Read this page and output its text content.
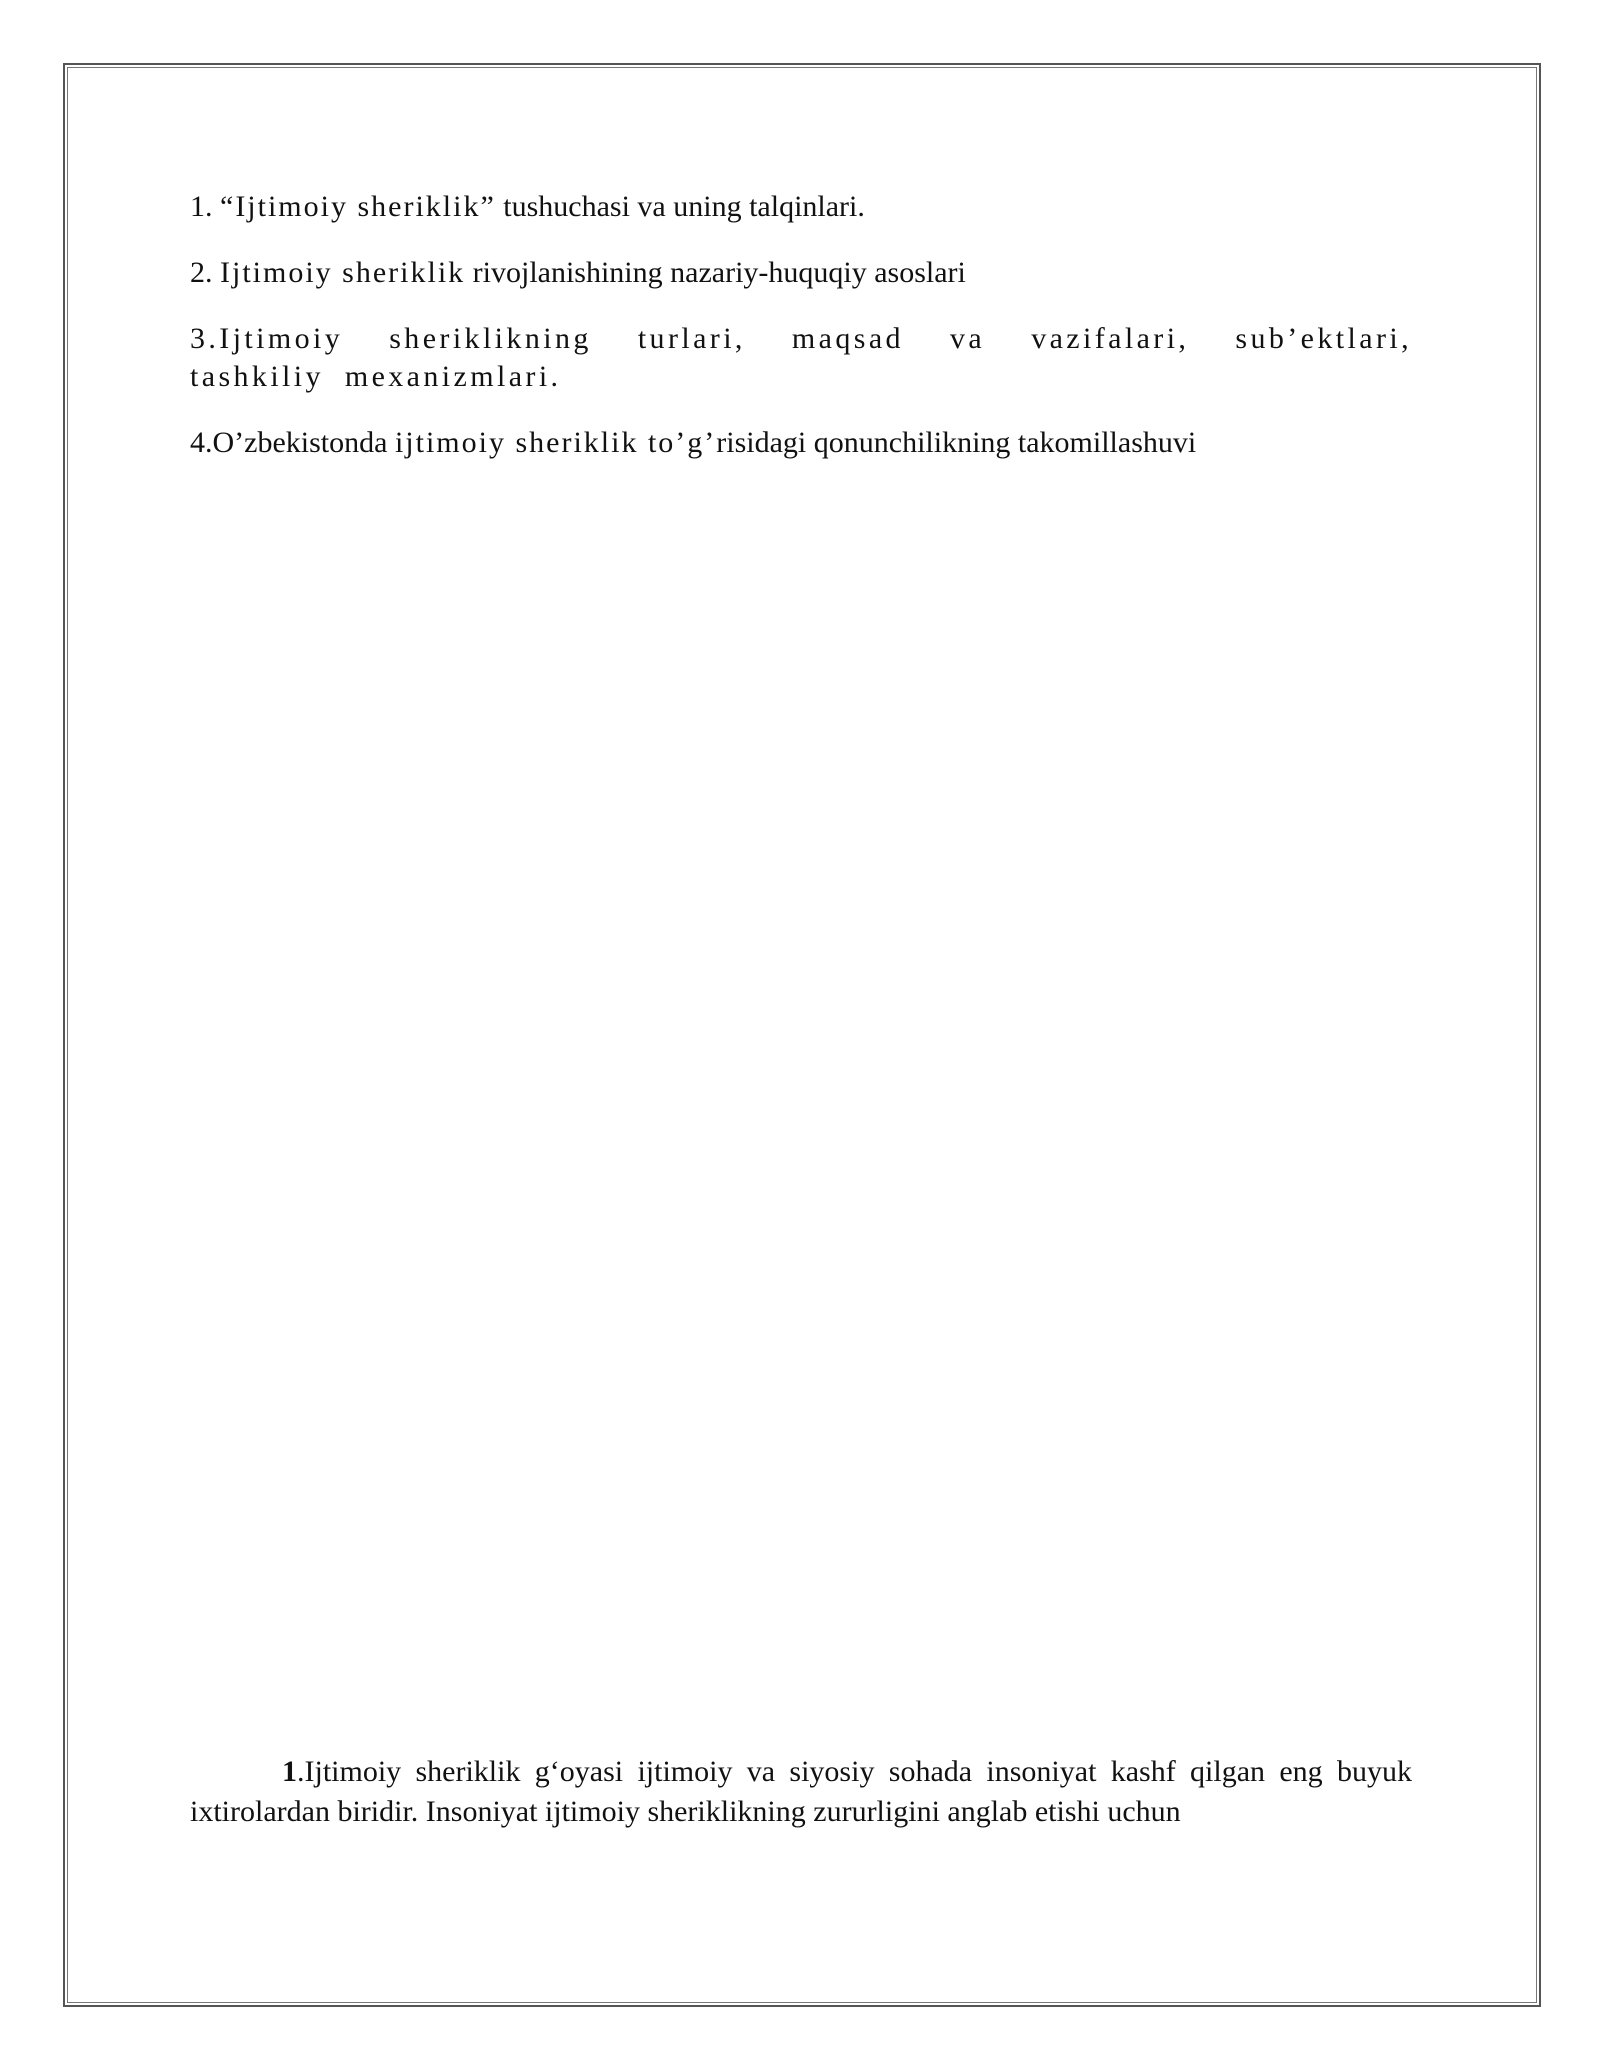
1. “Ijtimoiy sheriklik” tushuchasi va uning talqinlari.

2. Ijtimoiy sheriklik rivojlanishining nazariy-huquqiy asoslari

3.Ijtimoiy sheriklikning turlari, maqsad va vazifalari, sub’ektlari, tashkiliy mexanizmlari.

4.O’zbekistonda ijtimoiy sheriklik to’g’risidagi qonunchilikning takomillashuvi

1.Ijtimoiy sheriklik g‘oyasi ijtimoiy va siyosiy sohada insoniyat kashf qilgan eng buyuk ixtirolardan biridir. Insoniyat ijtimoiy sheriklikning zururligini anglab etishi uchun
